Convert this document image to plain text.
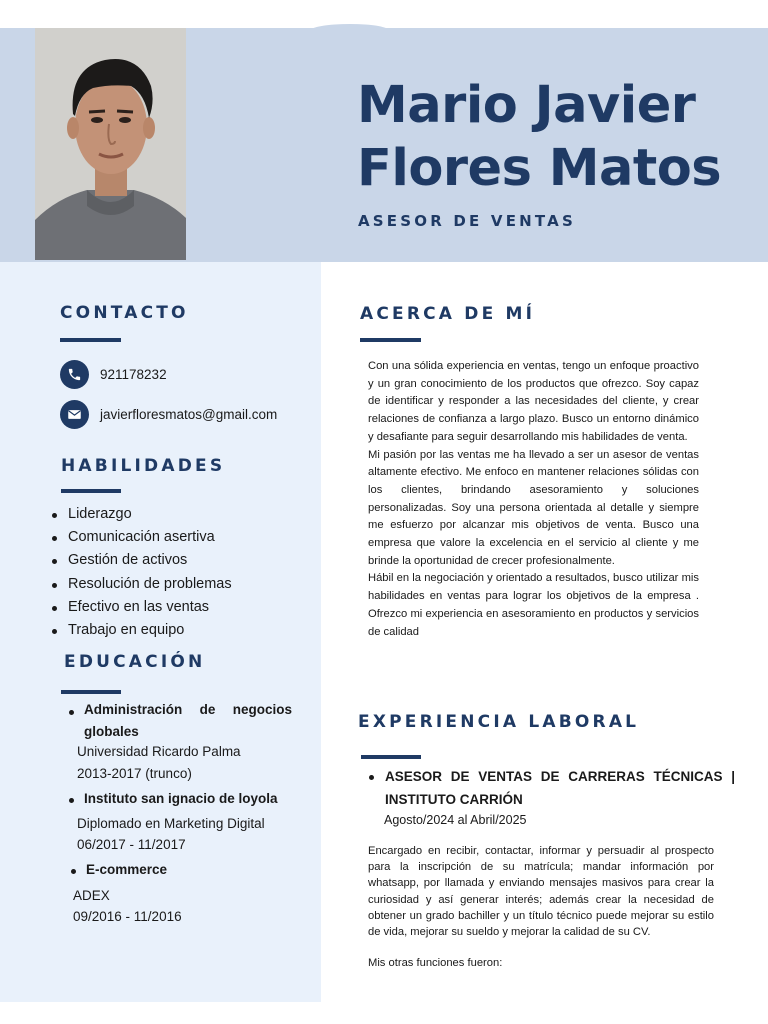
Mario Javier
Flores Matos
ASESOR DE VENTAS
CONTACTO
921178232
javierfloresmatos@gmail.com
HABILIDADES
Liderazgo
Comunicación asertiva
Gestión de activos
Resolución de problemas
Efectivo en las ventas
Trabajo en equipo
EDUCACIÓN
Administración de negocios
globales
Universidad Ricardo Palma
2013-2017 (trunco)
Instituto san ignacio de loyola
Diplomado en Marketing Digital
06/2017 - 11/2017
E-commerce
ADEX
09/2016 - 11/2016
ACERCA DE MÍ

Con una sólida experiencia en ventas, tengo un enfoque proactivo y un gran conocimiento de los productos que ofrezco. Soy capaz de identificar y responder a las necesidades del cliente, y crear relaciones de confianza a largo plazo. Busco un entorno dinámico y desafiante para seguir desarrollando mis habilidades de venta.

Mi pasión por las ventas me ha llevado a ser un asesor de ventas altamente efectivo. Me enfoco en mantener relaciones sólidas con los clientes, brindando asesoramiento y soluciones personalizadas. Soy una persona orientada al detalle y siempre me esfuerzo por alcanzar mis objetivos de venta. Busco una empresa que valore la excelencia en el servicio al cliente y me brinde la oportunidad de crecer profesionalmente.

Hábil en la negociación y orientado a resultados, busco utilizar mis habilidades en ventas para lograr los objetivos de la empresa . Ofrezco mi experiencia en asesoramiento en productos y servicios de calidad

EXPERIENCIA LABORAL
ASESOR DE VENTAS DE CARRERAS TÉCNICAS | INSTITUTO CARRIÓN
Agosto/2024 al Abril/2025
Encargado en recibir, contactar, informar y persuadir al prospecto para la inscripción de su matrícula; mandar información por whatsapp, por llamada y enviando mensajes masivos para crear la curiosidad y así generar interés; además crear la necesidad de obtener un grado bachiller y un título técnico puede mejorar su estilo de vida, mejorar su sueldo y mejorar la calidad de su CV.
Mis otras funciones fueron:
